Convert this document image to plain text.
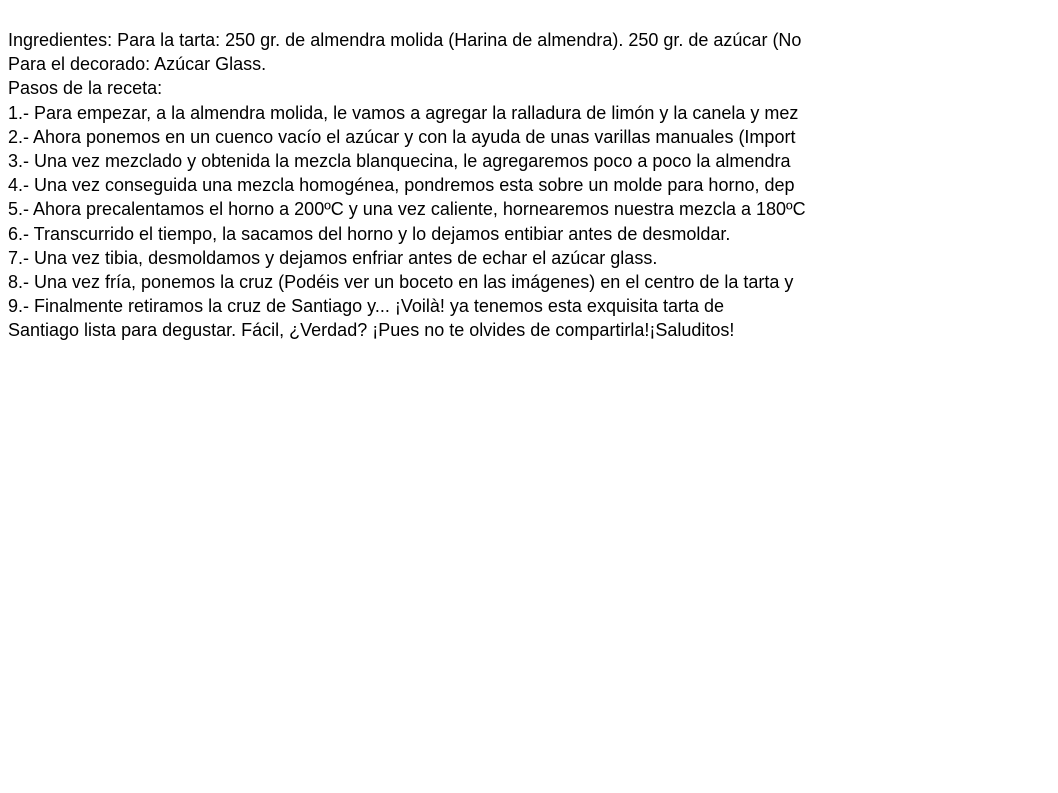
Ingredientes: Para la tarta: 250 gr. de almendra molida (Harina de almendra). 250 gr. de azúcar (No
Para el decorado: Azúcar Glass.
Pasos de la receta:
1.- Para empezar, a la almendra molida, le vamos a agregar la ralladura de limón y la canela y mez
2.- Ahora ponemos en un cuenco vacío el azúcar y con la ayuda de unas varillas manuales (Import
3.- Una vez mezclado y obtenida la mezcla blanquecina, le agregaremos poco a poco la almendra
4.- Una vez conseguida una mezcla homogénea, pondremos esta sobre un molde para horno, dep
5.- Ahora precalentamos el horno a 200ºC y una vez caliente, hornearemos nuestra mezcla a 180ºC
6.- Transcurrido el tiempo, la sacamos del horno y lo dejamos entibiar antes de desmoldar.
7.- Una vez tibia, desmoldamos y dejamos enfriar antes de echar el azúcar glass.
8.- Una vez fría, ponemos la cruz (Podéis ver un boceto en las imágenes) en el centro de la tarta y
9.- Finalmente retiramos la cruz de Santiago y... ¡Voilà! ya tenemos esta exquisita tarta de
Santiago lista para degustar. Fácil, ¿Verdad? ¡Pues no te olvides de compartirla!¡Saluditos!
